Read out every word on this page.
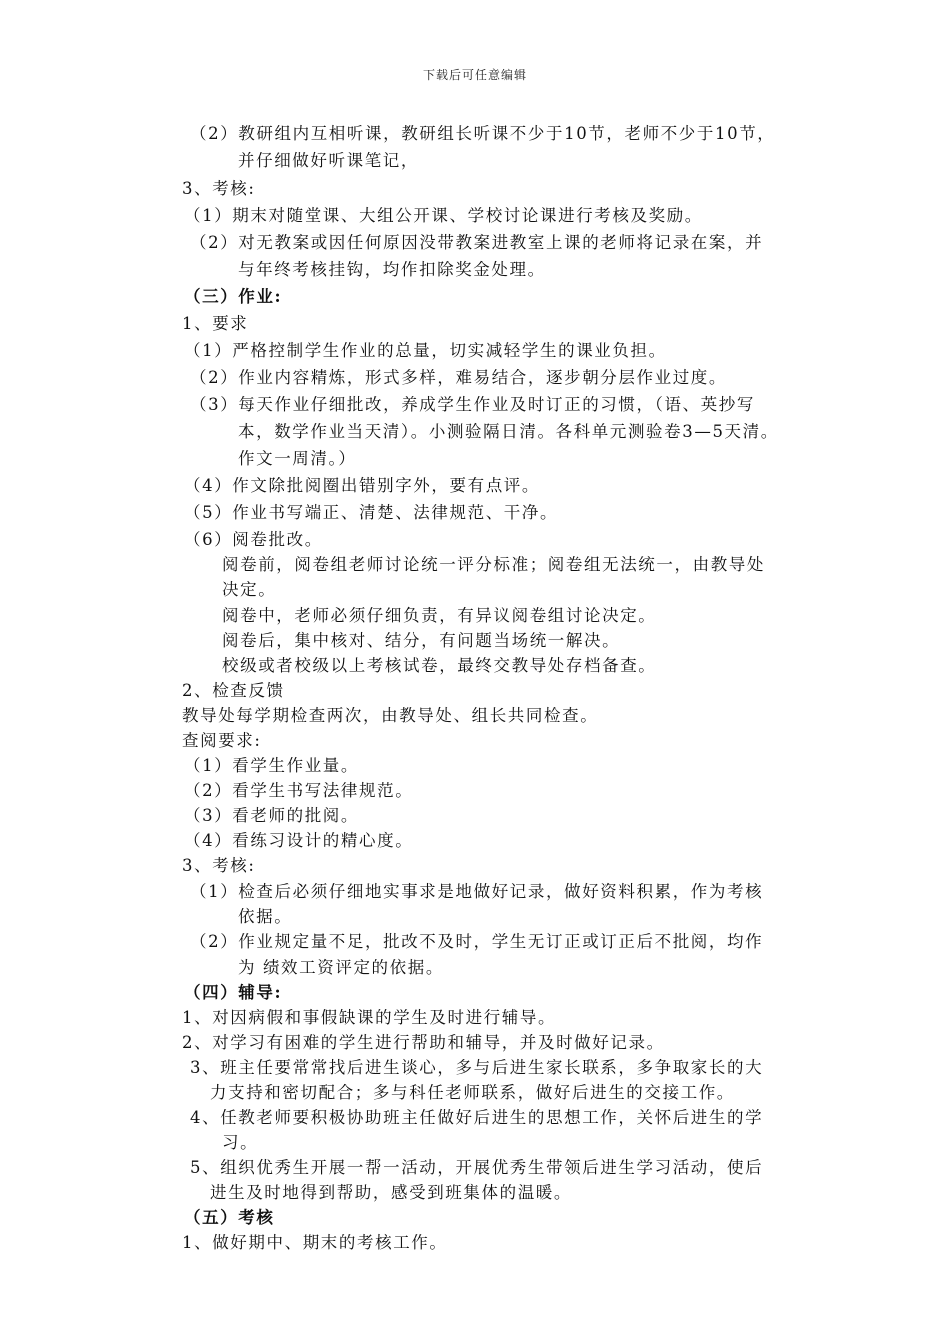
下载后可任意编辑
（2）教研组内互相听课，教研组长听课不少于10节，老师不少于10节，
并仔细做好听课笔记，
3、考核:
（1）期末对随堂课、大组公开课、学校讨论课进行考核及奖励。
（2）对无教案或因任何原因没带教案进教室上课的老师将记录在案，并
与年终考核挂钩，均作扣除奖金处理。
（三）作业:
1、要求
（1）严格控制学生作业的总量，切实减轻学生的课业负担。
（2）作业内容精炼，形式多样，难易结合，逐步朝分层作业过度。
（3）每天作业仔细批改，养成学生作业及时订正的习惯，（语、英抄写
本，数学作业当天清）。小测验隔日清。各科单元测验卷3—5天清。
作文一周清。）
（4）作文除批阅圈出错别字外，要有点评。
（5）作业书写端正、清楚、法律规范、干净。
（6）阅卷批改。
阅卷前，阅卷组老师讨论统一评分标准；阅卷组无法统一，由教导处
决定。
阅卷中，老师必须仔细负责，有异议阅卷组讨论决定。
阅卷后，集中核对、结分，有问题当场统一解决。
校级或者校级以上考核试卷，最终交教导处存档备查。
2、检查反馈
教导处每学期检查两次，由教导处、组长共同检查。
查阅要求:
（1）看学生作业量。
（2）看学生书写法律规范。
（3）看老师的批阅。
（4）看练习设计的精心度。
3、考核:
（1）检查后必须仔细地实事求是地做好记录，做好资料积累，作为考核
依据。
（2）作业规定量不足，批改不及时，学生无订正或订正后不批阅，均作
为 绩效工资评定的依据。
（四）辅导:
1、对因病假和事假缺课的学生及时进行辅导。
2、对学习有困难的学生进行帮助和辅导，并及时做好记录。
3、班主任要常常找后进生谈心，多与后进生家长联系，多争取家长的大
力支持和密切配合；多与科任老师联系，做好后进生的交接工作。
4、任教老师要积极协助班主任做好后进生的思想工作，关怀后进生的学
习。
5、组织优秀生开展一帮一活动，开展优秀生带领后进生学习活动，使后
进生及时地得到帮助，感受到班集体的温暖。
（五）考核
1、做好期中、期末的考核工作。
